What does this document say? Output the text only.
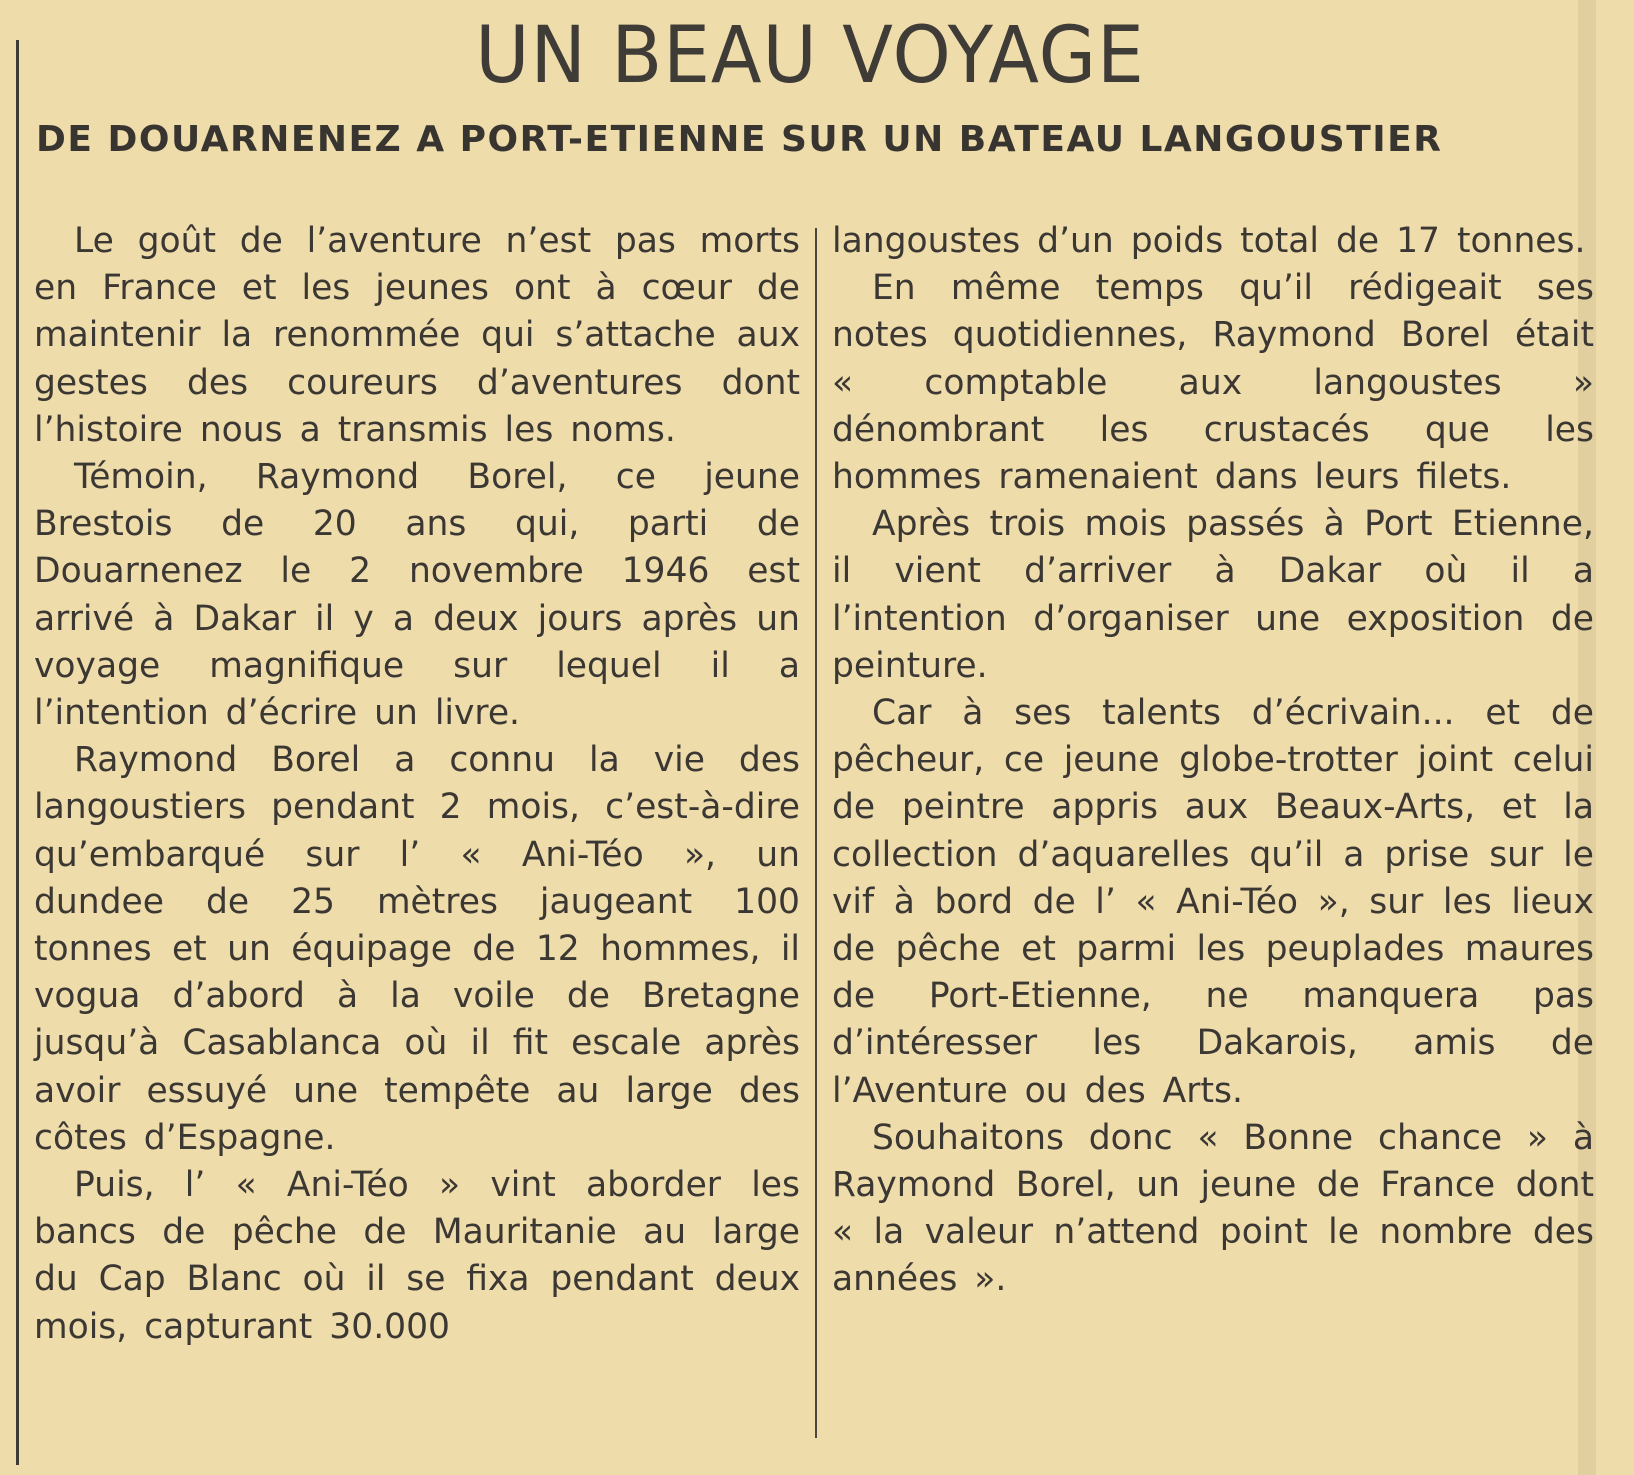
UN BEAU VOYAGE
DE DOUARNENEZ A PORT-ETIENNE SUR UN BATEAU LANGOUSTIER

Le goût de l’aventure n’est pas morts en France et les jeunes ont à cœur de maintenir la renommée qui s’attache aux gestes des coureurs d’aventures dont l’histoire nous a transmis les noms.

Témoin, Raymond Borel, ce jeune Brestois de 20 ans qui, parti de Douarnenez le 2 novembre 1946 est arrivé à Dakar il y a deux jours après un voyage magnifique sur lequel il a l’intention d’écrire un livre.

Raymond Borel a connu la vie des langoustiers pendant 2 mois, c’est-à-dire qu’embarqué sur l’ « Ani-Téo », un dundee de 25 mètres jaugeant 100 tonnes et un équipage de 12 hommes, il vogua d’abord à la voile de Bretagne jusqu’à Casablanca où il fit escale après avoir essuyé une tempête au large des côtes d’Espagne.

Puis, l’ « Ani-Téo » vint aborder les bancs de pêche de Mauritanie au large du Cap Blanc où il se fixa pendant deux mois, capturant 30.000

langoustes d’un poids total de 17 tonnes.

En même temps qu’il rédigeait ses notes quotidiennes, Raymond Borel était « comptable aux langoustes » dénombrant les crustacés que les hommes ramenaient dans leurs filets.

Après trois mois passés à Port Etienne, il vient d’arriver à Dakar où il a l’intention d’organiser une exposition de peinture.

Car à ses talents d’écrivain... et de pêcheur, ce jeune globe-trotter joint celui de peintre appris aux Beaux-Arts, et la collection d’aquarelles qu’il a prise sur le vif à bord de l’ « Ani-Téo », sur les lieux de pêche et parmi les peuplades maures de Port-Etienne, ne manquera pas d’intéresser les Dakarois, amis de l’Aventure ou des Arts.

Souhaitons donc « Bonne chance » à Raymond Borel, un jeune de France dont « la valeur n’attend point le nombre des années ».
